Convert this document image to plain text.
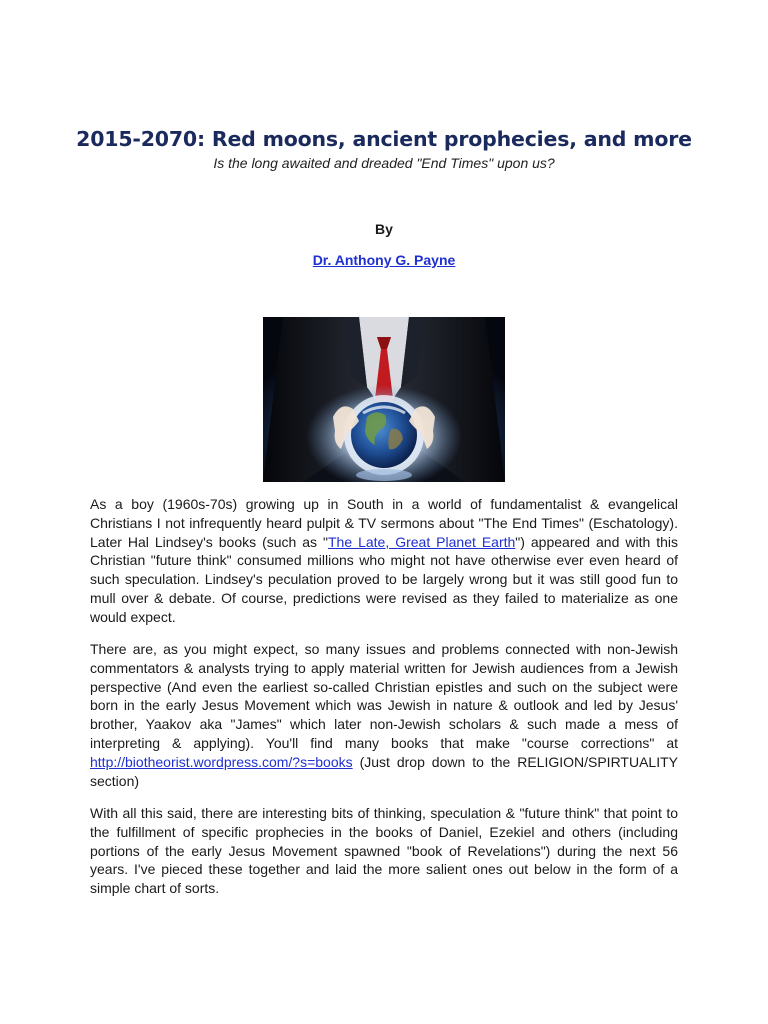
2015-2070: Red moons, ancient prophecies, and more
Is the long awaited and dreaded "End Times" upon us?
By
Dr. Anthony G. Payne

As a boy (1960s-70s) growing up in South in a world of fundamentalist & evangelical Christians I not infrequently heard pulpit & TV sermons about "The End Times" (Eschatology). Later Hal Lindsey's books (such as "The Late, Great Planet Earth") appeared and with this Christian "future think" consumed millions who might not have otherwise ever even heard of such speculation. Lindsey's peculation proved to be largely wrong but it was still good fun to mull over & debate. Of course, predictions were revised as they failed to materialize as one would expect.

There are, as you might expect, so many issues and problems connected with non-Jewish commentators & analysts trying to apply material written for Jewish audiences from a Jewish perspective (And even the earliest so-called Christian epistles and such on the subject were born in the early Jesus Movement which was Jewish in nature & outlook and led by Jesus' brother, Yaakov aka "James" which later non-Jewish scholars & such made a mess of interpreting & applying). You'll find many books that make "course corrections" at http://biotheorist.wordpress.com/?s=books (Just drop down to the RELIGION/SPIRTUALITY section)

With all this said, there are interesting bits of thinking, speculation & "future think" that point to the fulfillment of specific prophecies in the books of Daniel, Ezekiel and others (including portions of the early Jesus Movement spawned "book of Revelations") during the next 56 years. I've pieced these together and laid the more salient ones out below in the form of a simple chart of sorts.
